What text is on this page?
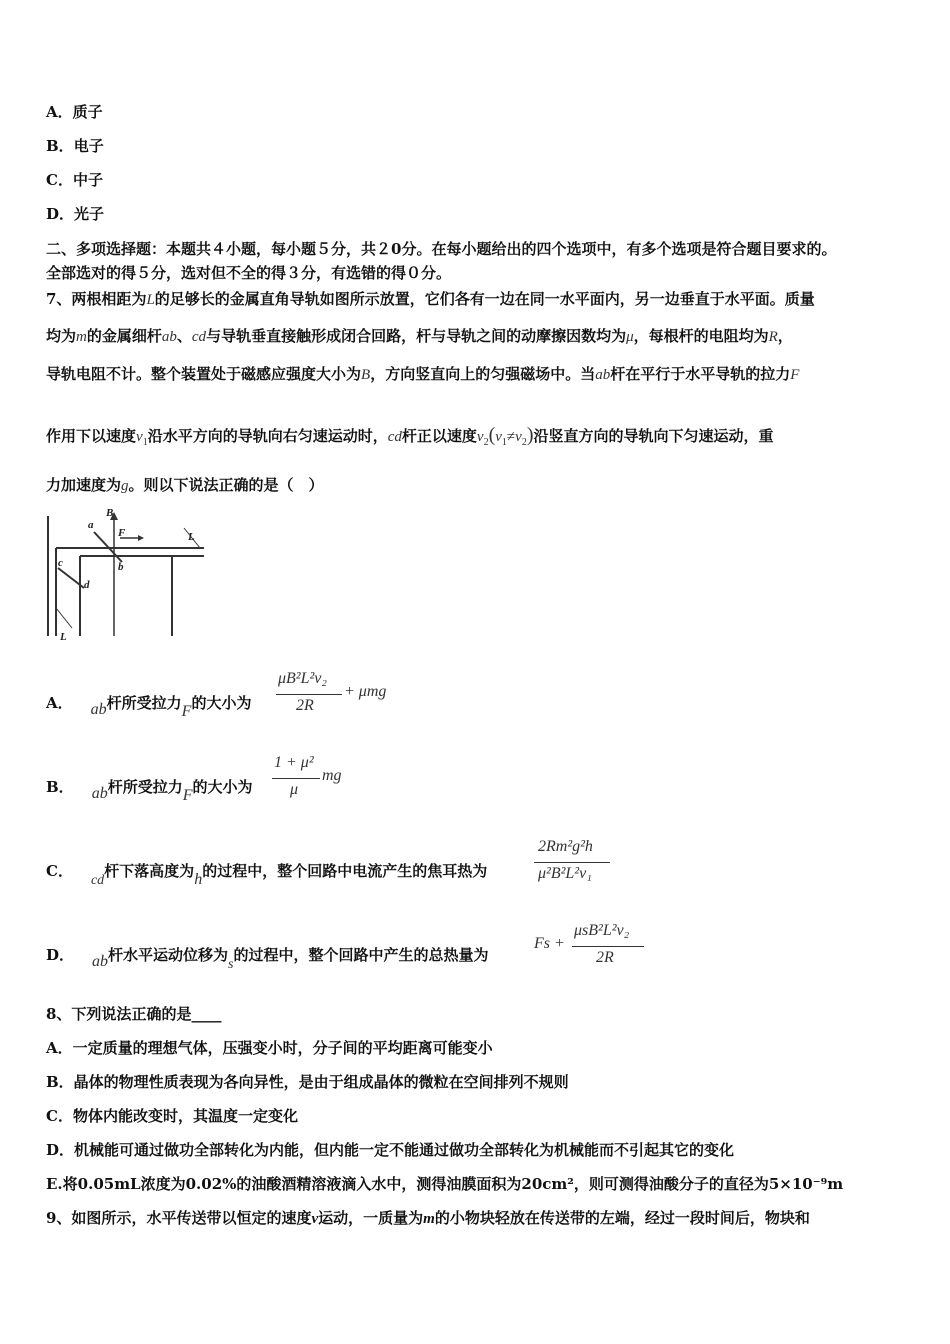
A．质子
B．电子
C．中子
D．光子
二、多项选择题：本题共４小题，每小题５分，共２0分。在每小题给出的四个选项中，有多个选项是符合题目要求的。
全部选对的得５分，选对但不全的得３分，有选错的得０分。
7、两根相距为L的足够长的金属直角导轨如图所示放置，它们各有一边在同一水平面内，另一边垂直于水平面。质量
均为m的金属细杆ab、cd与导轨垂直接触形成闭合回路，杆与导轨之间的动摩擦因数均为μ，每根杆的电阻均为R，
导轨电阻不计。整个装置处于磁感应强度大小为B，方向竖直向上的匀强磁场中。当ab杆在平行于水平导轨的拉力F
作用下以速度$v_1$沿水平方向的导轨向右匀速运动时，cd杆正以速度$v_2(v_1\ne v_2)$沿竖直方向的导轨向下匀速运动，重
力加速度为g。则以下说法正确的是（　）
B
a
F
b
L
c
d
L
A． ab杆所受拉力F的大小为
μB²L²v₂
2R
+ μmg
B． ab杆所受拉力F的大小为
1 + μ²
μ
mg
C．cd杆下落高度为h的过程中，整个回路中电流产生的焦耳热为
2Rm²g²h
μ²B²L²v₁
D． ab杆水平运动位移为s的过程中，整个回路中产生的总热量为
Fs +
μsB²L²v₂
2R
8、下列说法正确的是____
A．一定质量的理想气体，压强变小时，分子间的平均距离可能变小
B．晶体的物理性质表现为各向异性，是由于组成晶体的微粒在空间排列不规则
C．物体内能改变时，其温度一定变化
D．机械能可通过做功全部转化为内能，但内能一定不能通过做功全部转化为机械能而不引起其它的变化
E.将0.05mL浓度为0.02%的油酸酒精溶液滴入水中，测得油膜面积为20cm²，则可测得油酸分子的直径为5×10⁻⁹m
9、如图所示，水平传送带以恒定的速度v运动，一质量为m的小物块轻放在传送带的左端，经过一段时间后，物块和
